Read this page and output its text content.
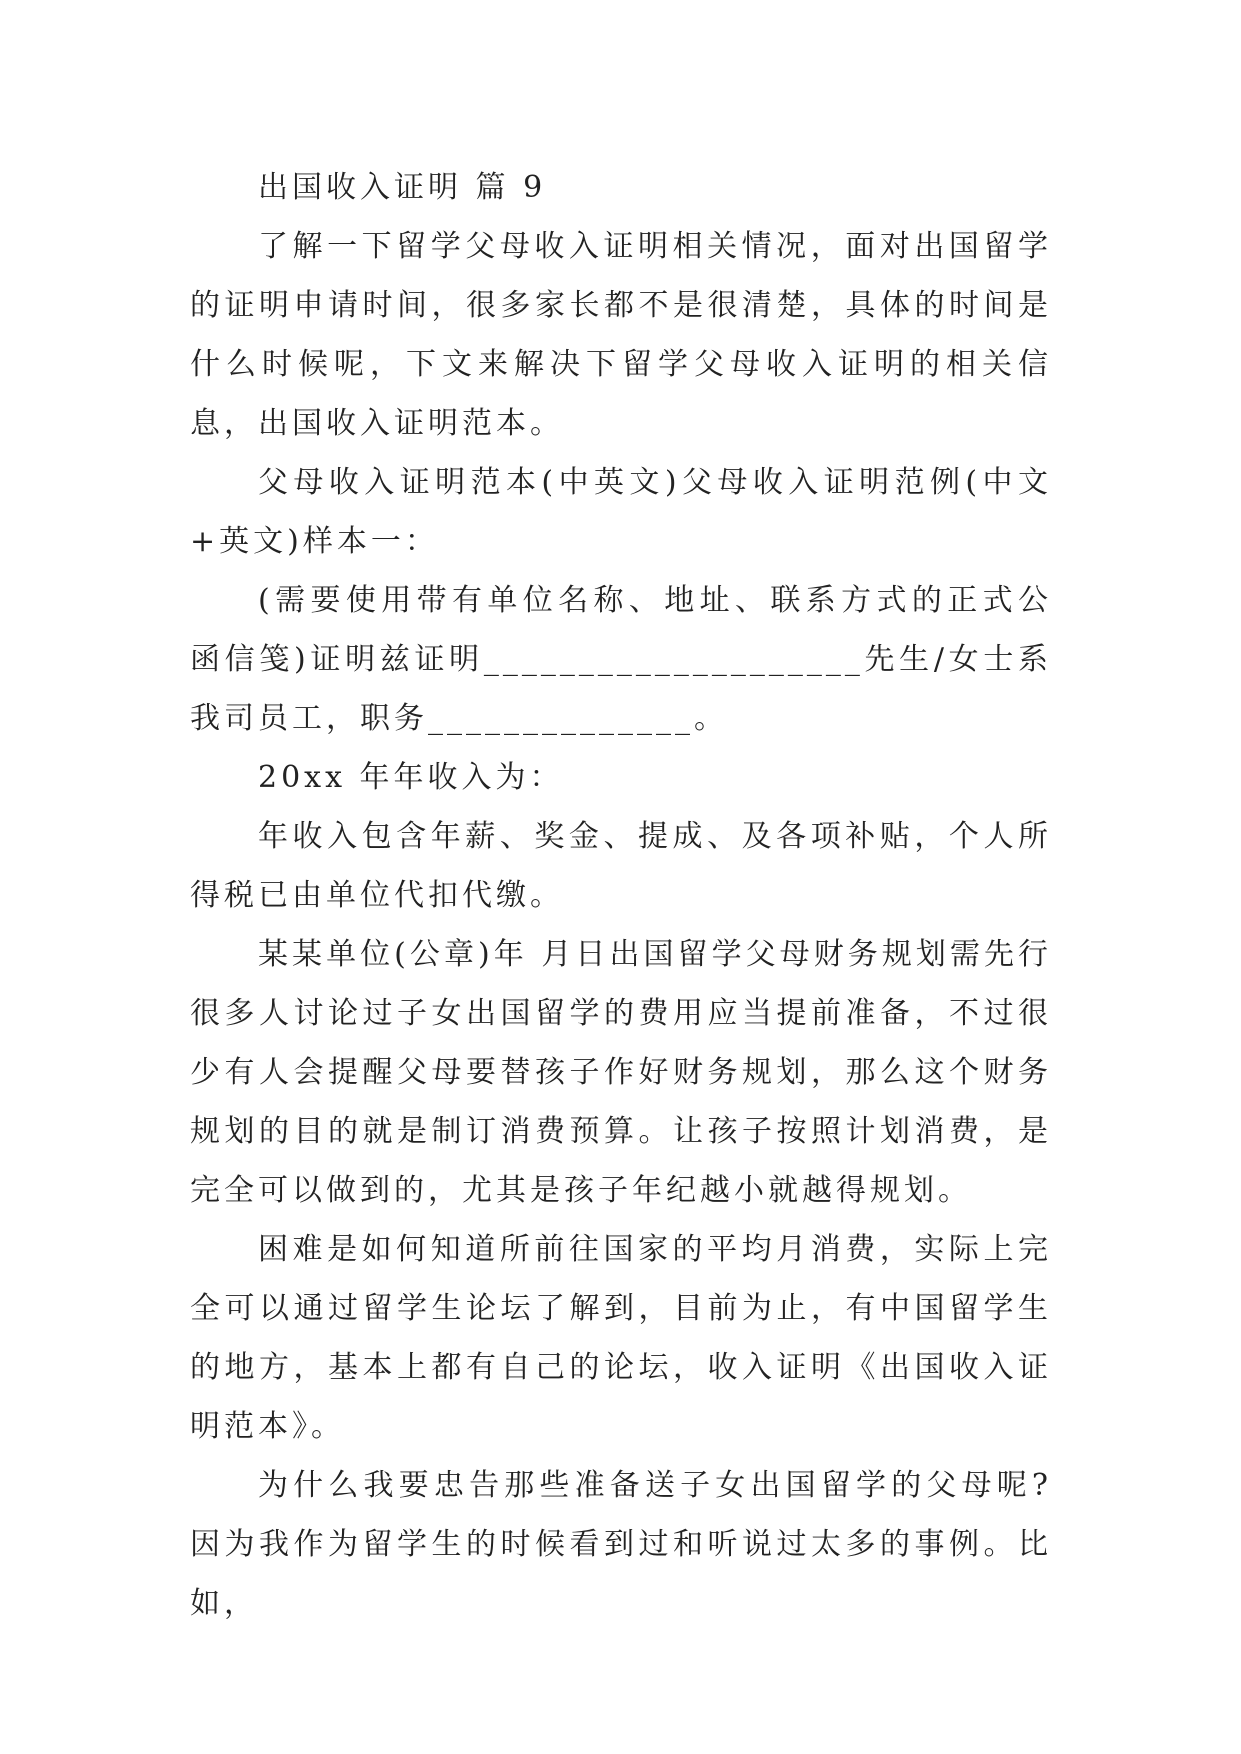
出国收入证明 篇 9

了解一下留学父母收入证明相关情况，面对出国留学的证明申请时间，很多家长都不是很清楚，具体的时间是什么时候呢，下文来解决下留学父母收入证明的相关信息，出国收入证明范本。

父母收入证明范本(中英文)父母收入证明范例(中文+英文)样本一：

(需要使用带有单位名称、地址、联系方式的正式公函信笺)证明兹证明____________________先生/女士系我司员工，职务______________。

20xx 年年收入为：

年收入包含年薪、奖金、提成、及各项补贴，个人所得税已由单位代扣代缴。

某某单位(公章)年 月日出国留学父母财务规划需先行很多人讨论过子女出国留学的费用应当提前准备，不过很少有人会提醒父母要替孩子作好财务规划，那么这个财务规划的目的就是制订消费预算。让孩子按照计划消费，是完全可以做到的，尤其是孩子年纪越小就越得规划。

困难是如何知道所前往国家的平均月消费，实际上完全可以通过留学生论坛了解到，目前为止，有中国留学生的地方，基本上都有自己的论坛，收入证明《出国收入证明范本》。

为什么我要忠告那些准备送子女出国留学的父母呢?因为我作为留学生的时候看到过和听说过太多的事例。比如，
